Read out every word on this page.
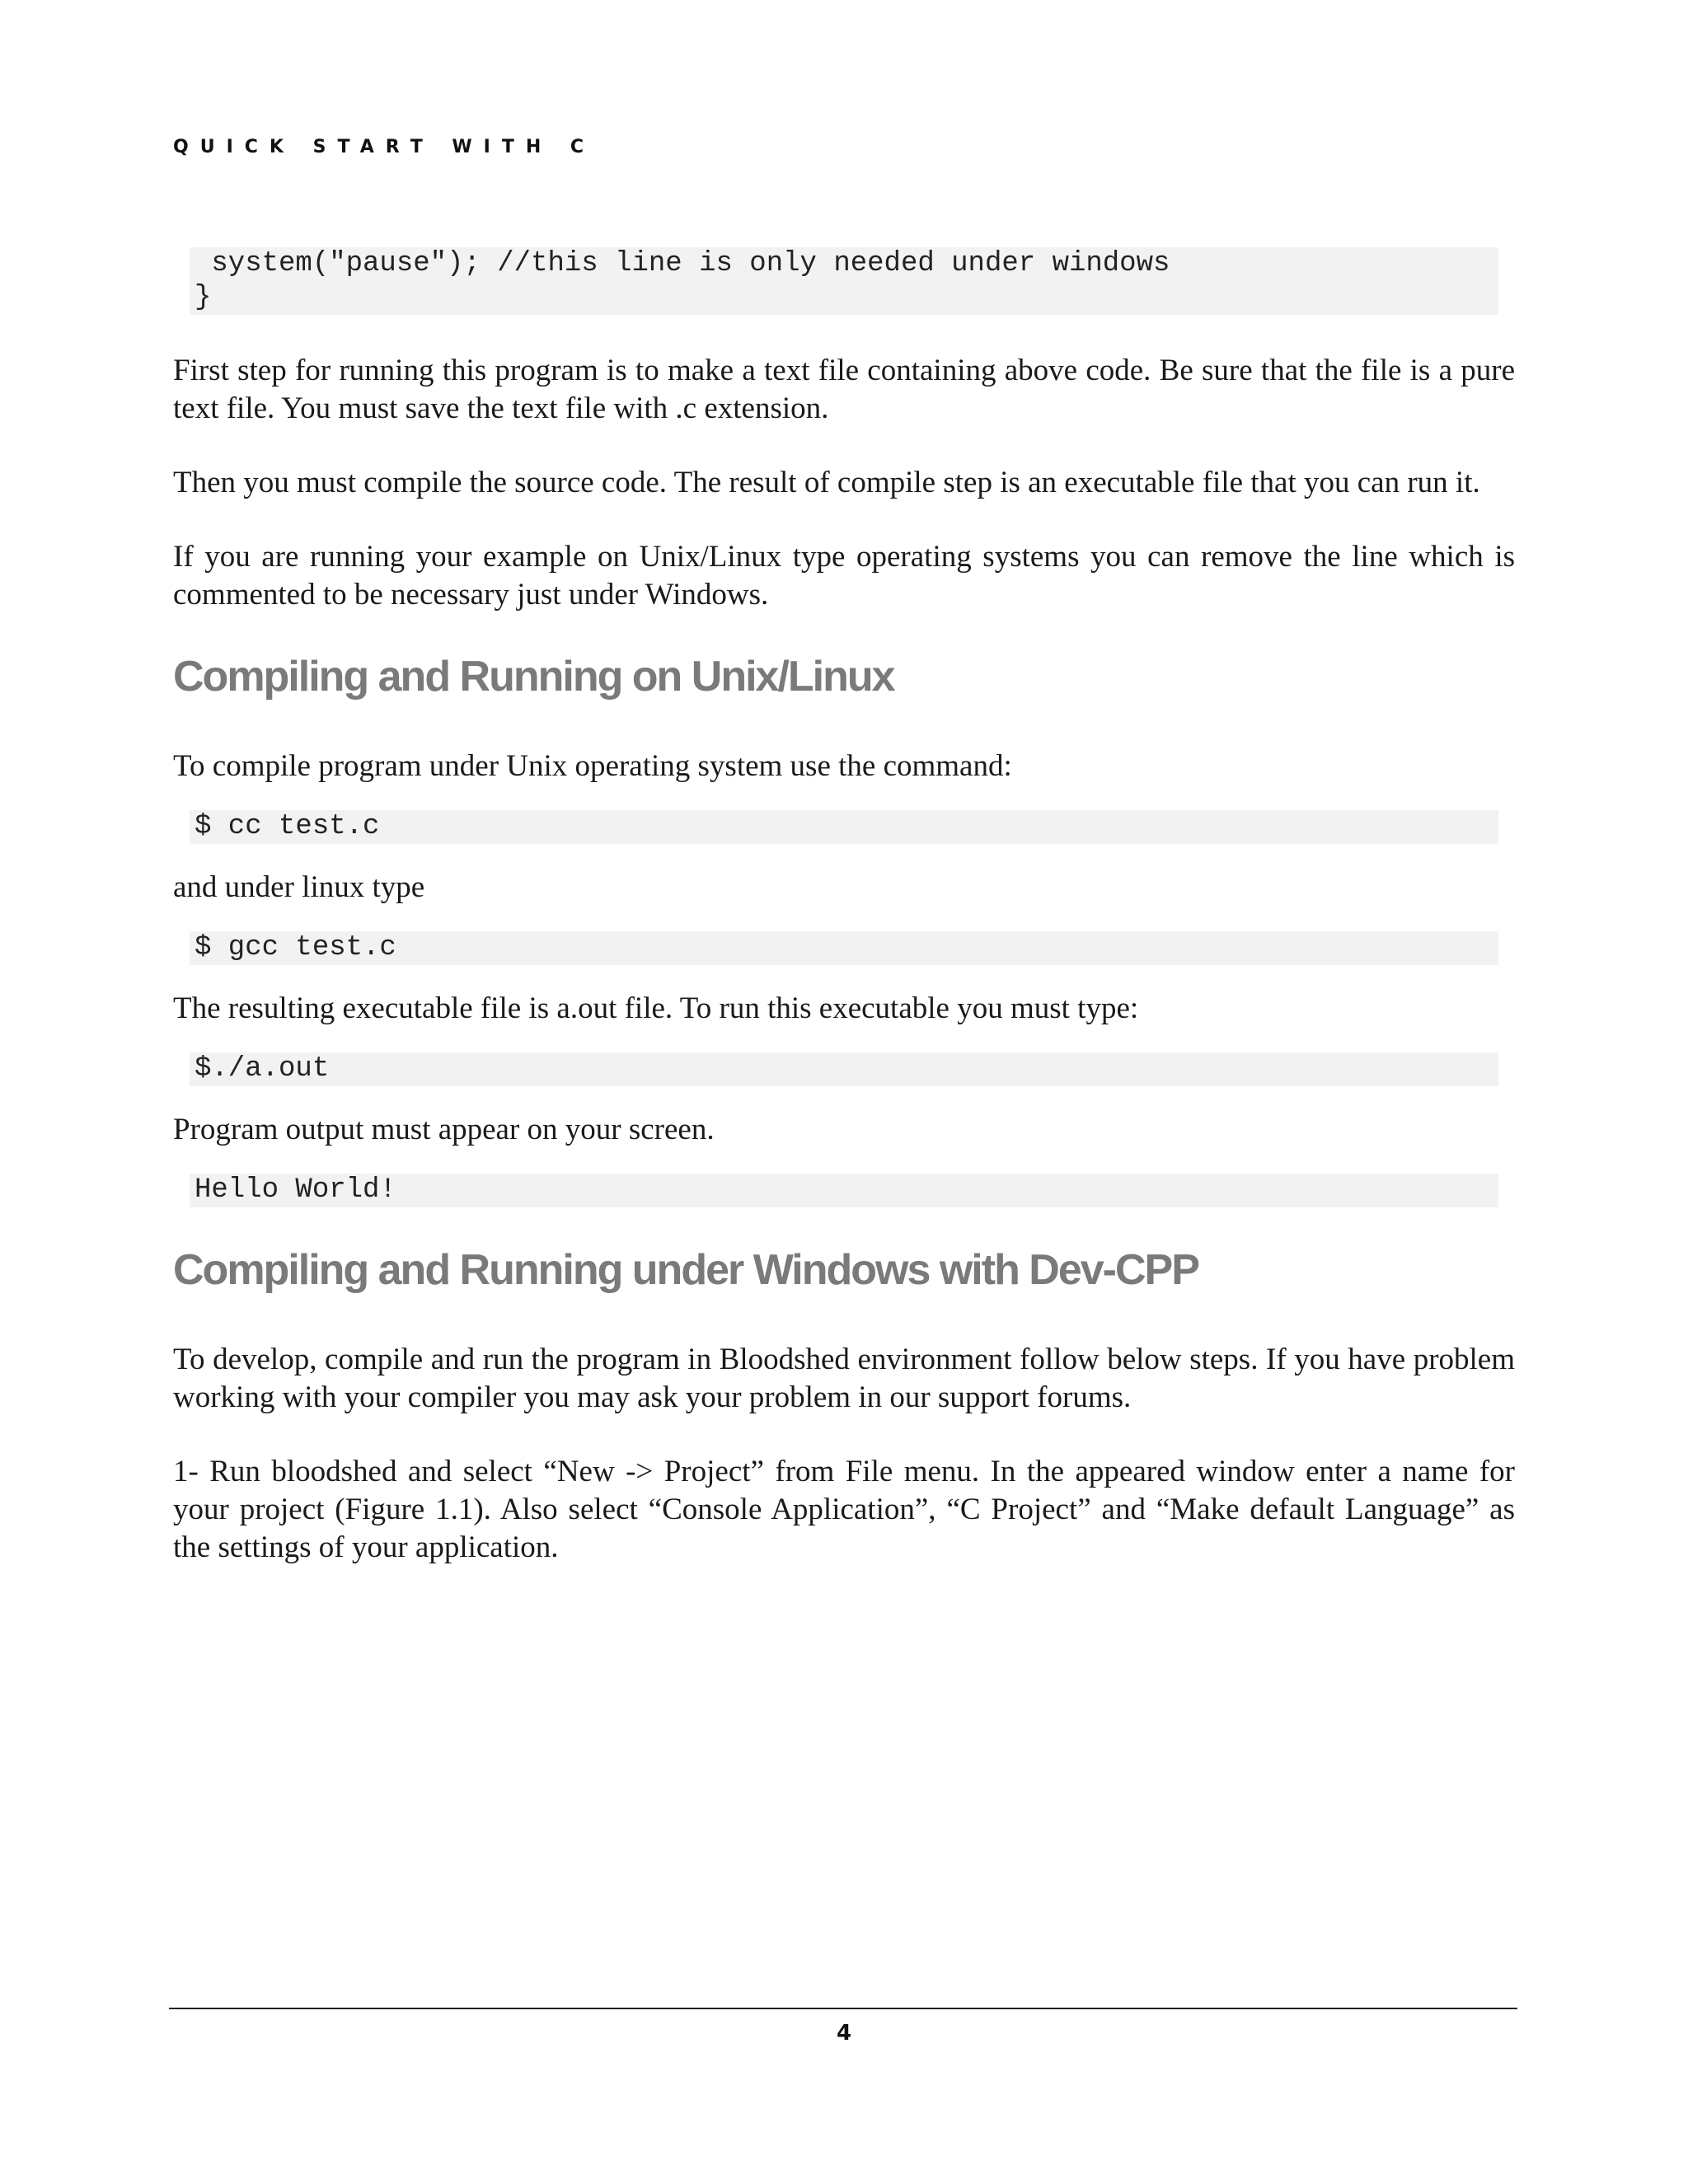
QUICK START WITH C
system("pause"); //this line is only needed under windows
}

First step for running this program is to make a text file containing above code. Be sure that the file is a pure text file. You must save the text file with .c extension.

Then you must compile the source code. The result of compile step is an executable file that you can run it.

If you are running your example on Unix/Linux type operating systems you can remove the line which is commented to be necessary just under Windows.

Compiling and Running on Unix/Linux

To compile program under Unix operating system use the command:

$ cc test.c

and under linux type

$ gcc test.c

The resulting executable file is a.out file. To run this executable you must type:

$./a.out

Program output must appear on your screen.

Hello World!
Compiling and Running under Windows with Dev-CPP

To develop, compile and run the program in Bloodshed environment follow below steps. If you have problem working with your compiler you may ask your problem in our support forums.

1- Run bloodshed and select “New -> Project” from File menu. In the appeared window enter a name for your project (Figure 1.1). Also select “Console Application”, “C Project” and “Make default Language” as the settings of your application.

4
